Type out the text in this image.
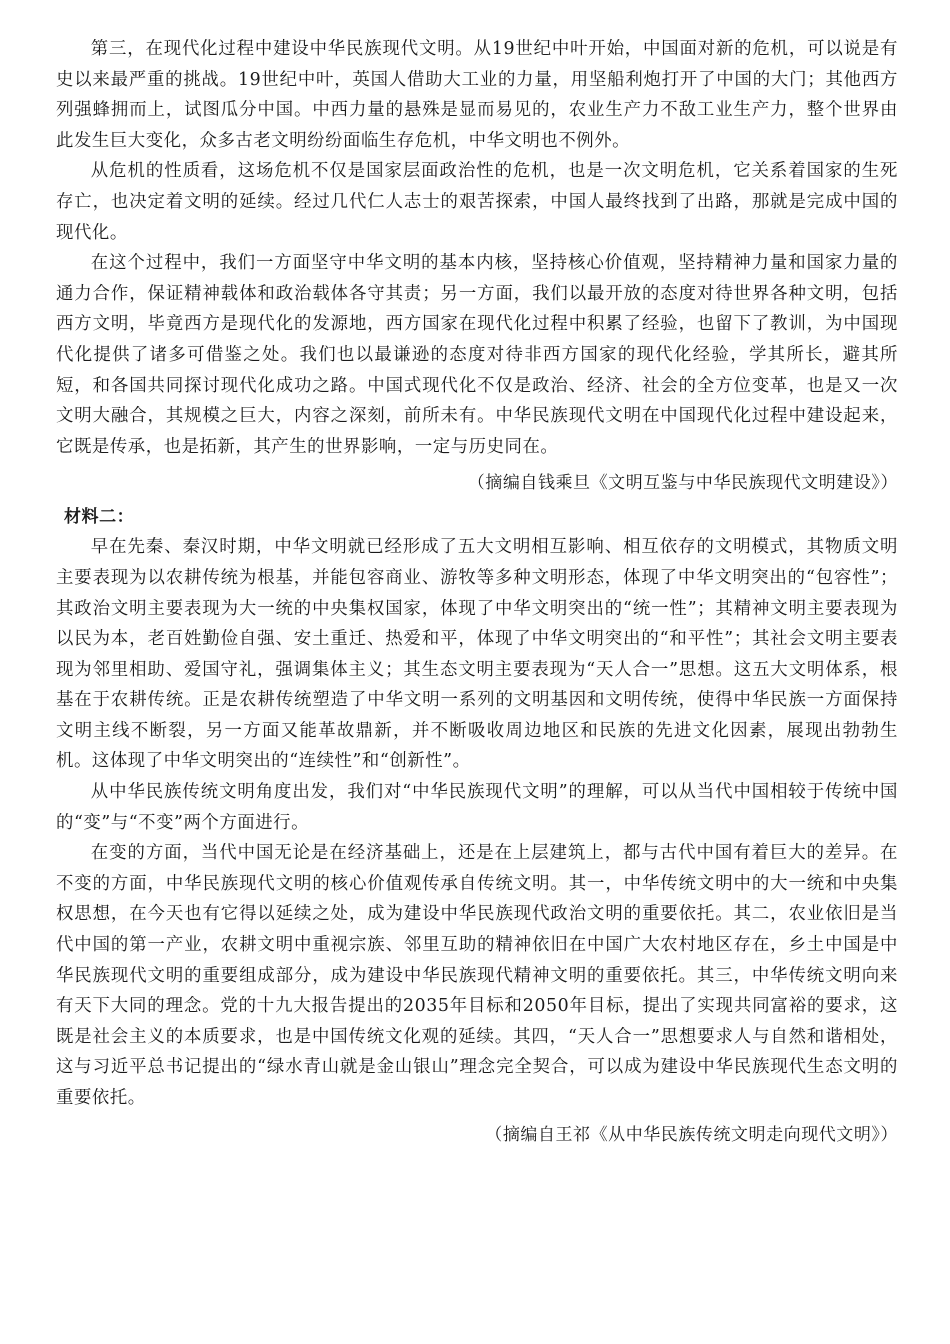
第三，在现代化过程中建设中华民族现代文明。从19世纪中叶开始，中国面对新的危机，可以说是有史以来最严重的挑战。19世纪中叶，英国人借助大工业的力量，用坚船利炮打开了中国的大门；其他西方列强蜂拥而上，试图瓜分中国。中西力量的悬殊是显而易见的，农业生产力不敌工业生产力，整个世界由此发生巨大变化，众多古老文明纷纷面临生存危机，中华文明也不例外。

从危机的性质看，这场危机不仅是国家层面政治性的危机，也是一次文明危机，它关系着国家的生死存亡，也决定着文明的延续。经过几代仁人志士的艰苦探索，中国人最终找到了出路，那就是完成中国的现代化。

在这个过程中，我们一方面坚守中华文明的基本内核，坚持核心价值观，坚持精神力量和国家力量的通力合作，保证精神载体和政治载体各守其责；另一方面，我们以最开放的态度对待世界各种文明，包括西方文明，毕竟西方是现代化的发源地，西方国家在现代化过程中积累了经验，也留下了教训，为中国现代化提供了诸多可借鉴之处。我们也以最谦逊的态度对待非西方国家的现代化经验，学其所长，避其所短，和各国共同探讨现代化成功之路。中国式现代化不仅是政治、经济、社会的全方位变革，也是又一次文明大融合，其规模之巨大，内容之深刻，前所未有。中华民族现代文明在中国现代化过程中建设起来，它既是传承，也是拓新，其产生的世界影响，一定与历史同在。

（摘编自钱乘旦《文明互鉴与中华民族现代文明建设》）

材料二：

早在先秦、秦汉时期，中华文明就已经形成了五大文明相互影响、相互依存的文明模式，其物质文明主要表现为以农耕传统为根基，并能包容商业、游牧等多种文明形态，体现了中华文明突出的“包容性”；其政治文明主要表现为大一统的中央集权国家，体现了中华文明突出的“统一性”；其精神文明主要表现为以民为本，老百姓勤俭自强、安土重迁、热爱和平，体现了中华文明突出的“和平性”；其社会文明主要表现为邻里相助、爱国守礼，强调集体主义；其生态文明主要表现为“天人合一”思想。这五大文明体系，根基在于农耕传统。正是农耕传统塑造了中华文明一系列的文明基因和文明传统，使得中华民族一方面保持文明主线不断裂，另一方面又能革故鼎新，并不断吸收周边地区和民族的先进文化因素，展现出勃勃生机。这体现了中华文明突出的“连续性”和“创新性”。

从中华民族传统文明角度出发，我们对“中华民族现代文明”的理解，可以从当代中国相较于传统中国的“变”与“不变”两个方面进行。

在变的方面，当代中国无论是在经济基础上，还是在上层建筑上，都与古代中国有着巨大的差异。在不变的方面，中华民族现代文明的核心价值观传承自传统文明。其一，中华传统文明中的大一统和中央集权思想，在今天也有它得以延续之处，成为建设中华民族现代政治文明的重要依托。其二，农业依旧是当代中国的第一产业，农耕文明中重视宗族、邻里互助的精神依旧在中国广大农村地区存在，乡土中国是中华民族现代文明的重要组成部分，成为建设中华民族现代精神文明的重要依托。其三，中华传统文明向来有天下大同的理念。党的十九大报告提出的2035年目标和2050年目标，提出了实现共同富裕的要求，这既是社会主义的本质要求，也是中国传统文化观的延续。其四，“天人合一”思想要求人与自然和谐相处，这与习近平总书记提出的“绿水青山就是金山银山”理念完全契合，可以成为建设中华民族现代生态文明的重要依托。

（摘编自王祁《从中华民族传统文明走向现代文明》）
